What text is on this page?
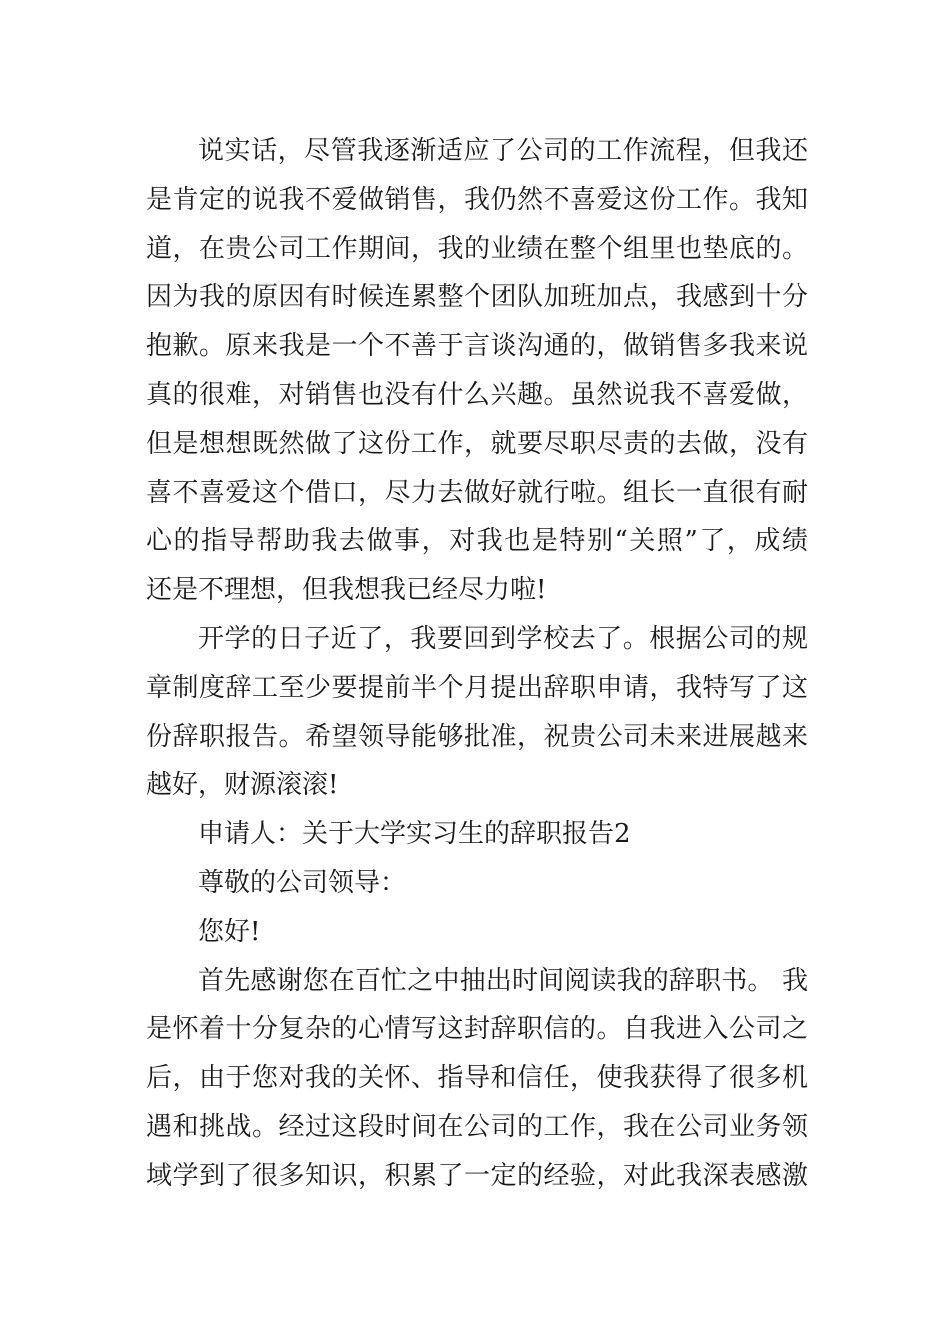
说实话，尽管我逐渐适应了公司的工作流程，但我还
是肯定的说我不爱做销售，我仍然不喜爱这份工作。我知
道，在贵公司工作期间，我的业绩在整个组里也垫底的。
因为我的原因有时候连累整个团队加班加点，我感到十分
抱歉。原来我是一个不善于言谈沟通的，做销售多我来说
真的很难，对销售也没有什么兴趣。虽然说我不喜爱做，
但是想想既然做了这份工作，就要尽职尽责的去做，没有
喜不喜爱这个借口，尽力去做好就行啦。组长一直很有耐
心的指导帮助我去做事，对我也是特别“关照”了，成绩
还是不理想，但我想我已经尽力啦!
开学的日子近了，我要回到学校去了。根据公司的规
章制度辞工至少要提前半个月提出辞职申请，我特写了这
份辞职报告。希望领导能够批准，祝贵公司未来进展越来
越好，财源滚滚!
申请人：关于大学实习生的辞职报告2
尊敬的公司领导：
您好!
首先感谢您在百忙之中抽出时间阅读我的辞职书。 我
是怀着十分复杂的心情写这封辞职信的。自我进入公司之
后，由于您对我的关怀、指导和信任，使我获得了很多机
遇和挑战。经过这段时间在公司的工作，我在公司业务领
域学到了很多知识，积累了一定的经验，对此我深表感激
